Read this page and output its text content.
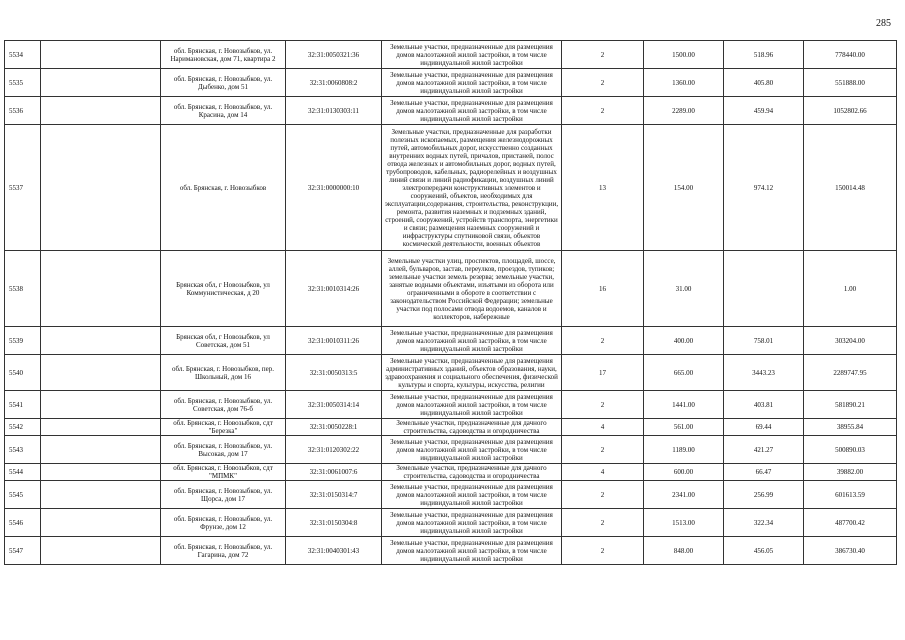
285
5534		обл. Брянская, г. Новозыбков, ул. Наримановская, дом 71, квартира 2	32:31:0050321:36	Земельные участки, предназначенные для размещения домов малоэтажной жилой застройки, в том числе индивидуальной жилой застройки	2	1500.00	518.96	778440.00
5535		обл. Брянская, г. Новозыбков, ул. Дыбенко, дом 51	32:31:0060808:2	Земельные участки, предназначенные для размещения домов малоэтажной жилой застройки, в том числе индивидуальной жилой застройки	2	1360.00	405.80	551888.00
5536		обл. Брянская, г. Новозыбков, ул. Красина, дом 14	32:31:0130303:11	Земельные участки, предназначенные для размещения домов малоэтажной жилой застройки, в том числе индивидуальной жилой застройки	2	2289.00	459.94	1052802.66
5537		обл. Брянская, г. Новозыбков	32:31:0000000:10	Земельные участки, предназначенные для разработки полезных ископаемых, размещения железнодорожных путей, автомобильных дорог, искусственно созданных внутренних водных путей, причалов, пристаней, полос отвода железных и автомобильных дорог, водных путей, трубопроводов, кабельных, радиорелейных и воздушных линий связи и линий радиофикации, воздушных линий электропередачи конструктивных элементов и сооружений, объектов, необходимых для эксплуатации,содержания, строительства, реконструкции, ремонта, развития наземных и подземных зданий, строений, сооружений, устройств транспорта, энергетики и связи; размещения наземных сооружений и инфраструктуры спутниковой связи, объектов космической деятельности, военных объектов	13	154.00	974.12	150014.48
5538		Брянская обл, г Новозыбков, ул Коммунистическая, д 20	32:31:0010314:26	Земельные участки улиц, проспектов, площадей, шоссе, аллей, бульваров, застав, переулков, проездов, тупиков; земельные участки земель резерва; земельные участки, занятые водными объектами, изъятыми из оборота или ограниченными в обороте в соответствии с законодательством Российской Федерации; земельные участки под полосами отвода водоемов, каналов и коллекторов, набережные	16	31.00		1.00
5539		Брянская обл, г Новозыбков, ул Советская, дом 51	32:31:0010311:26	Земельные участки, предназначенные для размещения домов малоэтажной жилой застройки, в том числе индивидуальной жилой застройки	2	400.00	758.01	303204.00
5540		обл. Брянская, г. Новозыбков, пер. Школьный, дом 16	32:31:0050313:5	Земельные участки, предназначенные для размещения административных зданий, объектов образования, науки, здравоохранения и социального обеспечения, физической культуры и спорта, культуры, искусства, религии	17	665.00	3443.23	2289747.95
5541		обл. Брянская, г. Новозыбков, ул. Советская, дом 76-б	32:31:0050314:14	Земельные участки, предназначенные для размещения домов малоэтажной жилой застройки, в том числе индивидуальной жилой застройки	2	1441.00	403.81	581890.21
5542		обл. Брянская, г. Новозыбков, сдт "Березка"	32:31:0050228:1	Земельные участки, предназначенные для дачного строительства, садоводства и огородничества	4	561.00	69.44	38955.84
5543		обл. Брянская, г. Новозыбков, ул. Высокая, дом 17	32:31:0120302:22	Земельные участки, предназначенные для размещения домов малоэтажной жилой застройки, в том числе индивидуальной жилой застройки	2	1189.00	421.27	500890.03
5544		обл. Брянская, г. Новозыбков, сдт "МПМК"	32:31:0061007:6	Земельные участки, предназначенные для дачного строительства, садоводства и огородничества	4	600.00	66.47	39882.00
5545		обл. Брянская, г. Новозыбков, ул. Щорса, дом 17	32:31:0150314:7	Земельные участки, предназначенные для размещения домов малоэтажной жилой застройки, в том числе индивидуальной жилой застройки	2	2341.00	256.99	601613.59
5546		обл. Брянская, г. Новозыбков, ул. Фрунзе, дом 12	32:31:0150304:8	Земельные участки, предназначенные для размещения домов малоэтажной жилой застройки, в том числе индивидуальной жилой застройки	2	1513.00	322.34	487700.42
5547		обл. Брянская, г. Новозыбков, ул. Гагарина, дом 72	32:31:0040301:43	Земельные участки, предназначенные для размещения домов малоэтажной жилой застройки, в том числе индивидуальной жилой застройки	2	848.00	456.05	386730.40
